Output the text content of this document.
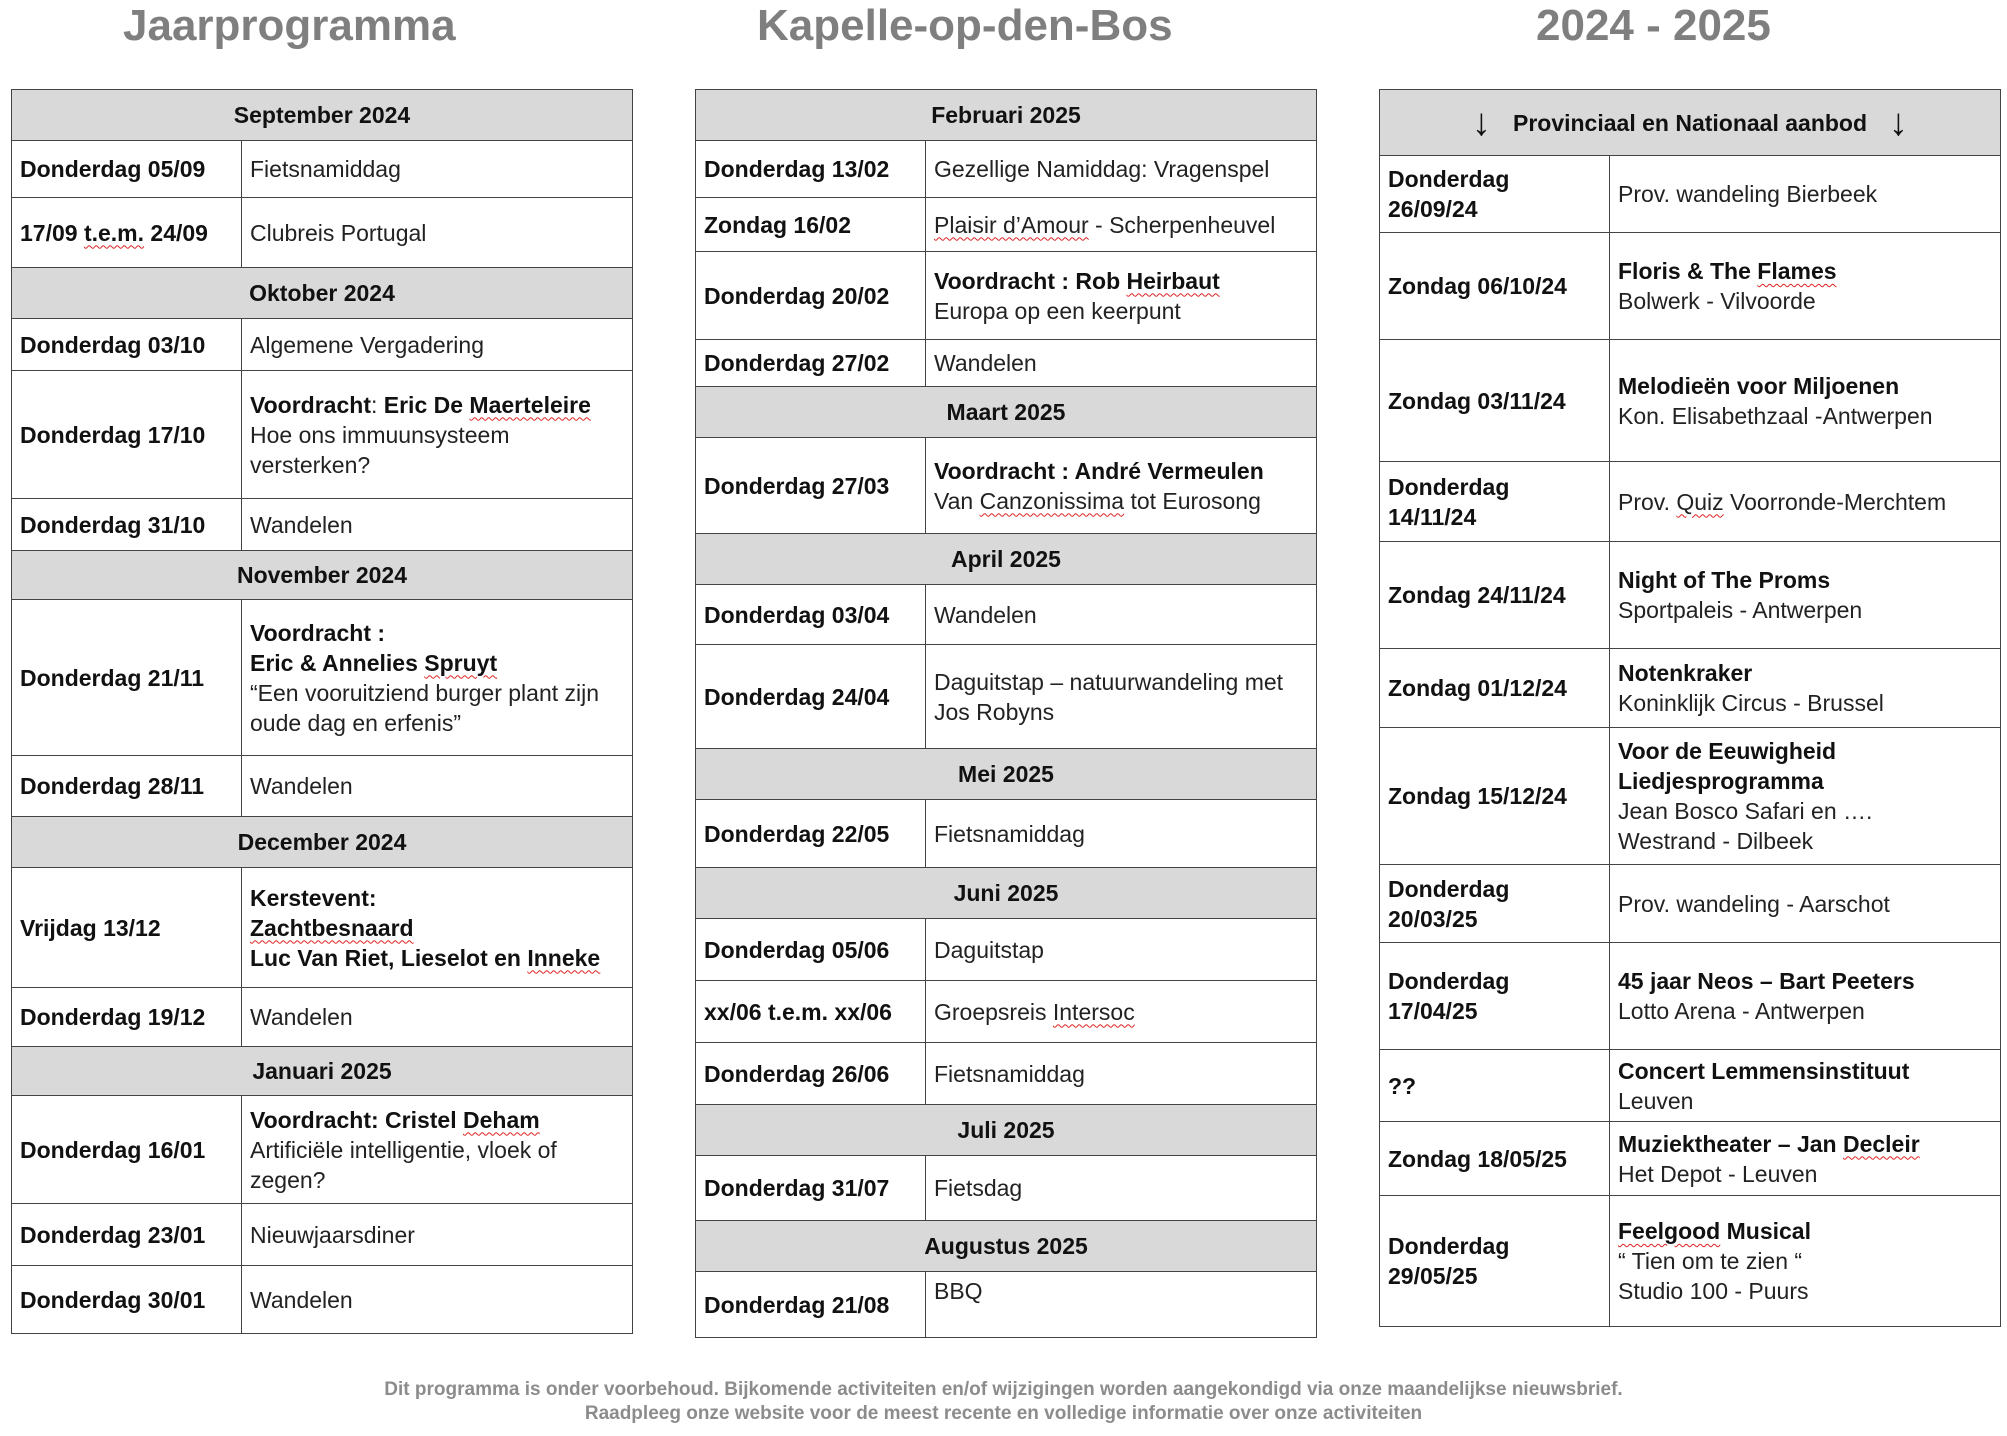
Jaarprogramma	Kapelle-op-den-Bos	2024 - 2025
September 2024	
Donderdag 05/09	Fietsnamiddag

17/09 t.e.m. 24/09	Clubreis Portugal

Oktober 2024	
Donderdag 03/10	Algemene Vergadering

Donderdag 17/10	Voordracht: Eric De Maerteleire
Hoe ons immuunsysteem versterken?

Donderdag 31/10	Wandelen

November 2024	
Donderdag 21/11	Voordracht :
Eric & Annelies Spruyt
“Een vooruitziend burger plant zijn oude dag en erfenis”

Donderdag 28/11	Wandelen

December 2024	
Vrijdag 13/12	Kerstevent:
Zachtbesnaard
Luc Van Riet, Lieselot en Inneke

Donderdag 19/12	Wandelen

Januari 2025	
Donderdag 16/01	Voordracht: Cristel Deham
Artificiële intelligentie, vloek of zegen?

Donderdag 23/01	Nieuwjaarsdiner

Donderdag 30/01	Wandelen
Februari 2025	
Donderdag 13/02	Gezellige Namiddag: Vragenspel

Zondag 16/02	Plaisir d’Amour - Scherpenheuvel

Donderdag 20/02	Voordracht : Rob Heirbaut
Europa op een keerpunt

Donderdag 27/02	Wandelen

Maart 2025	
Donderdag 27/03	Voordracht : André Vermeulen
Van Canzonissima tot Eurosong

April 2025	
Donderdag 03/04	Wandelen

Donderdag 24/04	Daguitstap – natuurwandeling met Jos Robyns

Mei 2025	
Donderdag 22/05	Fietsnamiddag

Juni 2025	
Donderdag 05/06	Daguitstap

xx/06 t.e.m. xx/06	Groepsreis Intersoc

Donderdag 26/06	Fietsnamiddag

Juli 2025	
Donderdag 31/07	Fietsdag

Augustus 2025	
Donderdag 21/08	BBQ
↓ Provinciaal en Nationaal aanbod ↓	

Donderdag 26/09/24	Prov. wandeling Bierbeek

Zondag 06/10/24	Floris & The Flames
Bolwerk - Vilvoorde

Zondag 03/11/24	Melodieën voor Miljoenen
Kon. Elisabethzaal -Antwerpen

Donderdag 14/11/24	Prov. Quiz Voorronde-Merchtem

Zondag 24/11/24	Night of The Proms
Sportpaleis - Antwerpen

Zondag 01/12/24	Notenkraker
Koninklijk Circus - Brussel

Zondag 15/12/24	Voor de Eeuwigheid
Liedjesprogramma
Jean Bosco Safari en ….
Westrand - Dilbeek

Donderdag 20/03/25	Prov. wandeling - Aarschot

Donderdag 17/04/25	45 jaar Neos – Bart Peeters
Lotto Arena - Antwerpen

??	Concert Lemmensinstituut
Leuven

Zondag 18/05/25	Muziektheater – Jan Decleir
Het Depot - Leuven

Donderdag 29/05/25	Feelgood Musical
“ Tien om te zien “
Studio 100 - Puurs
Dit programma is onder voorbehoud. Bijkomende activiteiten en/of wijzigingen worden aangekondigd via onze maandelijkse nieuwsbrief.
Raadpleeg onze website voor de meest recente en volledige informatie over onze activiteiten
